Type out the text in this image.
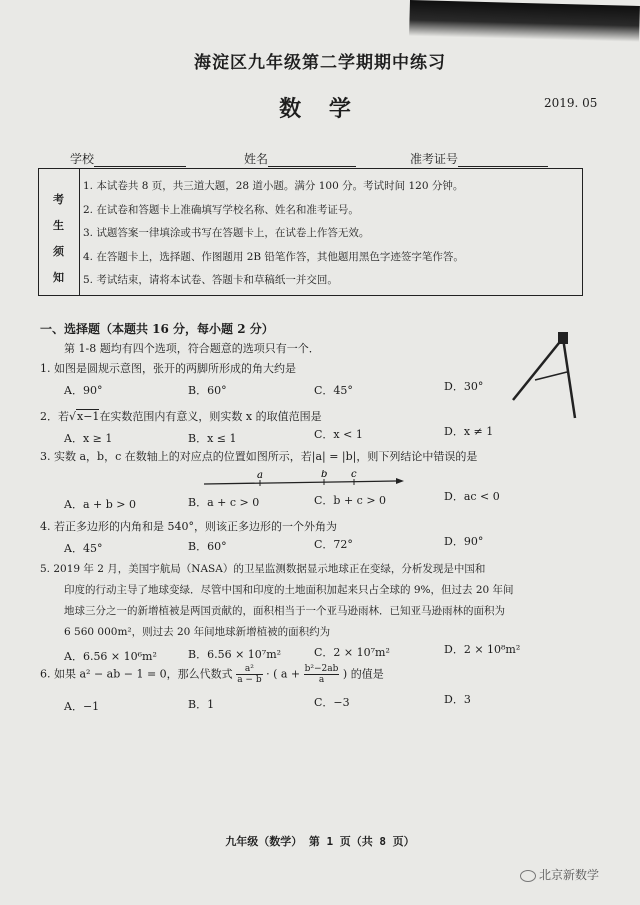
海淀区九年级第二学期期中练习
数 学	2019. 05
学校	姓名	准考证号
考
生
须
知
1. 本试卷共 8 页，共三道大题，28 道小题。满分 100 分。考试时间 120 分钟。
2. 在试卷和答题卡上准确填写学校名称、姓名和准考证号。
3. 试题答案一律填涂或书写在答题卡上，在试卷上作答无效。
4. 在答题卡上，选择题、作图题用 2B 铅笔作答，其他题用黑色字迹签字笔作答。
5. 考试结束，请将本试卷、答题卡和草稿纸一并交回。
一、选择题（本题共 16 分，每小题 2 分）
第 1-8 题均有四个选项，符合题意的选项只有一个．
1. 如图是圆规示意图，张开的两脚所形成的角大约是
A．90°	B．60°	C．45°	D．30°
2．若√x−1在实数范围内有意义，则实数 x 的取值范围是
A．x ≥ 1	B．x ≤ 1	C．x < 1	D．x ≠ 1
3. 实数 a，b，c 在数轴上的对应点的位置如图所示，若|a| = |b|，则下列结论中错误的是
a	b c
A．a + b > 0	B．a + c > 0	C．b + c > 0	D．ac < 0
4. 若正多边形的内角和是 540°，则该正多边形的一个外角为
A．45°	B．60°	C．72°	D．90°
5. 2019 年 2 月，美国宇航局（NASA）的卫星监测数据显示地球正在变绿，分析发现是中国和
印度的行动主导了地球变绿．尽管中国和印度的土地面积加起来只占全球的 9%，但过去 20 年间
地球三分之一的新增植被是两国贡献的，面积相当于一个亚马逊雨林．已知亚马逊雨林的面积为
6 560 000m²，则过去 20 年间地球新增植被的面积约为
A．6.56 × 10⁶m²	B．6.56 × 10⁷m²	C．2 × 10⁷m²	D．2 × 10⁸m²
6. 如果 a² − ab − 1 = 0，那么代数式 $\frac{\text{a²}}{a - b}$ · ( $a + \frac{\text{b²−2ab}}{a}$ ) 的值是
A．−1	B．1	C．−3	D．3
九年级（数学） 第 1 页（共 8 页）
北京新数学
